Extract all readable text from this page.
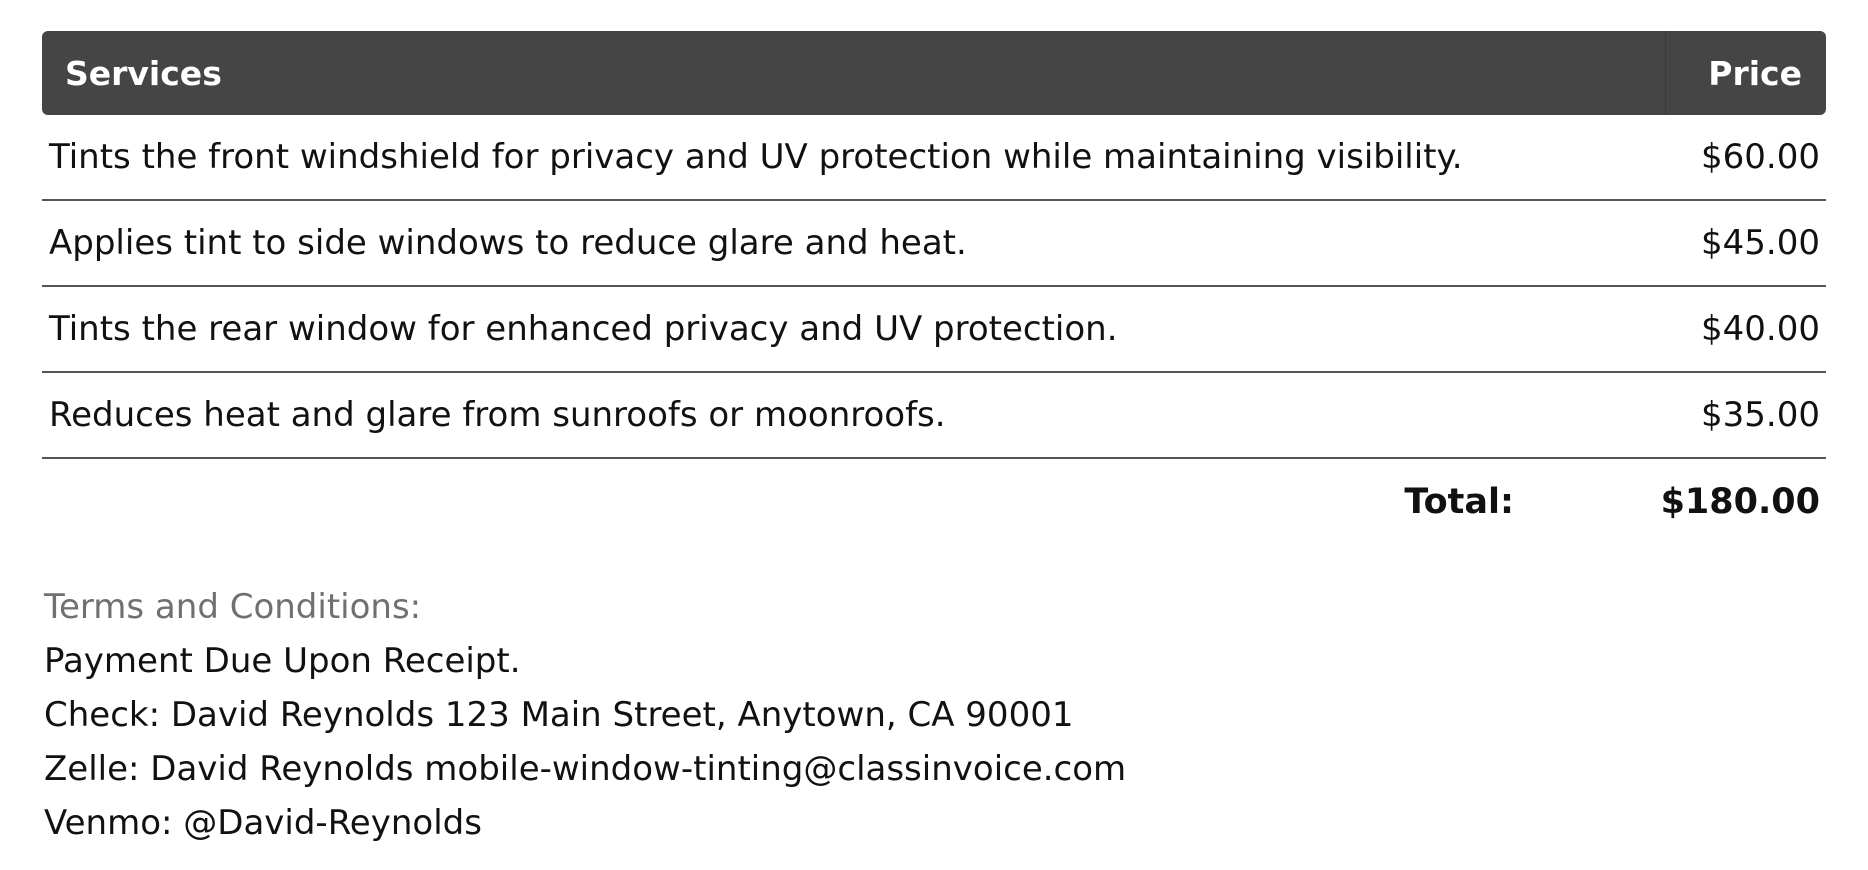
Services	Price
Tints the front windshield for privacy and UV protection while maintaining visibility.	$60.00
Applies tint to side windows to reduce glare and heat.	$45.00
Tints the rear window for enhanced privacy and UV protection.	$40.00
Reduces heat and glare from sunroofs or moonroofs.	$35.00
Total:	$180.00
Terms and Conditions:
Payment Due Upon Receipt.
Check: David Reynolds 123 Main Street, Anytown, CA 90001
Zelle: David Reynolds mobile-window-tinting@classinvoice.com
Venmo: @David-Reynolds
